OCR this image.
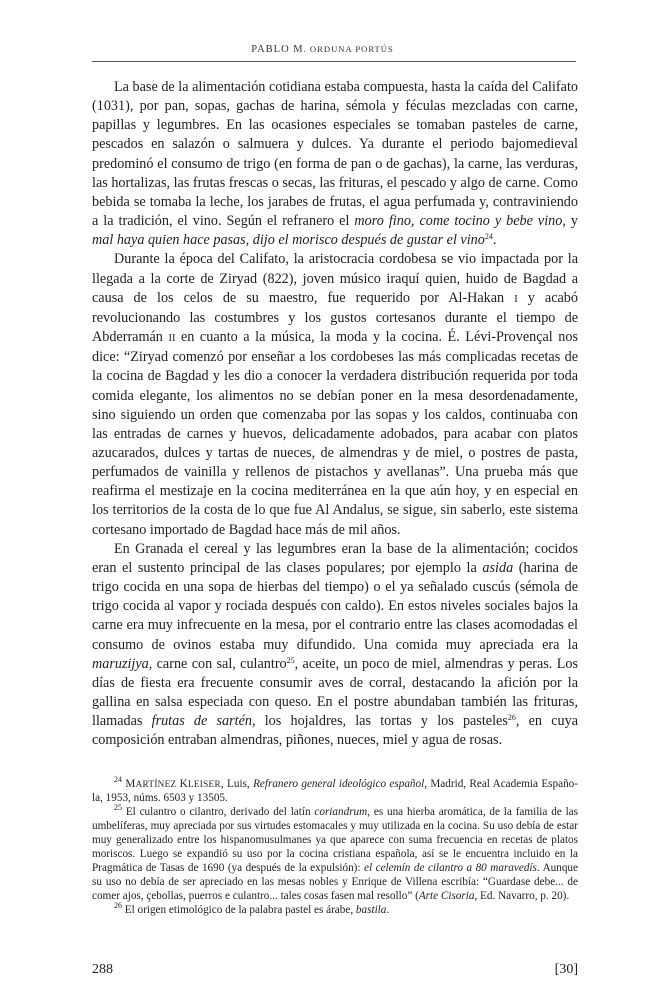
PABLO M. ORDUNA PORTÚS

La base de la alimentación cotidiana estaba compuesta, hasta la caída del Califato (1031), por pan, sopas, gachas de harina, sémola y féculas mezcladas con carne, papillas y legumbres. En las ocasiones especiales se tomaban pasteles de carne, pescados en salazón o salmuera y dulces. Ya durante el periodo bajomedieval predominó el consumo de trigo (en forma de pan o de gachas), la carne, las verduras, las hortalizas, las frutas frescas o secas, las frituras, el pescado y algo de carne. Como bebida se tomaba la leche, los jarabes de frutas, el agua perfumada y, contraviniendo a la tradición, el vino. Según el refranero el moro fino, come tocino y bebe vino, y mal haya quien hace pasas, dijo el morisco después de gustar el vino$^{24}$.

Durante la época del Califato, la aristocracia cordobesa se vio impactada por la llegada a la corte de Ziryad (822), joven músico iraquí quien, huido de Bagdad a causa de los celos de su maestro, fue requerido por Al-Hakan I y acabó revolucionando las costumbres y los gustos cortesanos durante el tiempo de Abderramán II en cuanto a la música, la moda y la cocina. É. Lévi-Provençal nos dice: “Ziryad comenzó por enseñar a los cordobeses las más complicadas recetas de la cocina de Bagdad y les dio a conocer la verdadera distribución requerida por toda comida elegante, los alimentos no se debían poner en la mesa desordenadamente, sino siguiendo un orden que comenzaba por las sopas y los caldos, continuaba con las entradas de carnes y huevos, delicadamente adobados, para acabar con platos azucarados, dulces y tartas de nueces, de almendras y de miel, o postres de pasta, perfumados de vainilla y rellenos de pistachos y avellanas”. Una prueba más que reafirma el mestizaje en la cocina mediterránea en la que aún hoy, y en especial en los territorios de la costa de lo que fue Al Andalus, se sigue, sin saberlo, este sistema cortesano importado de Bagdad hace más de mil años.

En Granada el cereal y las legumbres eran la base de la alimentación; cocidos eran el sustento principal de las clases populares; por ejemplo la asida (harina de trigo cocida en una sopa de hierbas del tiempo) o el ya señalado cuscús (sémola de trigo cocida al vapor y rociada después con caldo). En estos niveles sociales bajos la carne era muy infrecuente en la mesa, por el contrario entre las clases acomodadas el consumo de ovinos estaba muy difundido. Una comida muy apreciada era la maruzijya, carne con sal, culantro$^{25}$, aceite, un poco de miel, almendras y peras. Los días de fiesta era frecuente consumir aves de corral, destacando la afición por la gallina en salsa especiada con queso. En el postre abundaban también las frituras, llamadas frutas de sartén, los hojaldres, las tortas y los pasteles$^{26}$, en cuya composición entraban almendras, piñones, nueces, miel y agua de rosas.

$^{24}$ MARTÍNEZ KLEISER, Luis, Refranero general ideológico español, Madrid, Real Academia Española, 1953, núms. 6503 y 13505.

$^{25}$ El culantro o cilantro, derivado del latín coriandrum, es una hierba aromática, de la familia de las umbelíferas, muy apreciada por sus virtudes estomacales y muy utilizada en la cocina. Su uso debía de estar muy generalizado entre los hispanomusulmanes ya que aparece con suma frecuencia en recetas de platos moriscos. Luego se expandió su uso por la cocina cristiana española, así se le encuentra incluido en la Pragmática de Tasas de 1690 (ya después de la expulsión): el celemín de cilantro a 80 maravedís. Aunque su uso no debía de ser apreciado en las mesas nobles y Enrique de Villena escribía: “Guardase debe... de comer ajos, çebollas, puerros e culantro... tales cosas fasen mal resollo” (Arte Cisoria, Ed. Navarro, p. 20).

$^{26}$ El origen etimológico de la palabra pastel es árabe, bastila.

288	[30]
